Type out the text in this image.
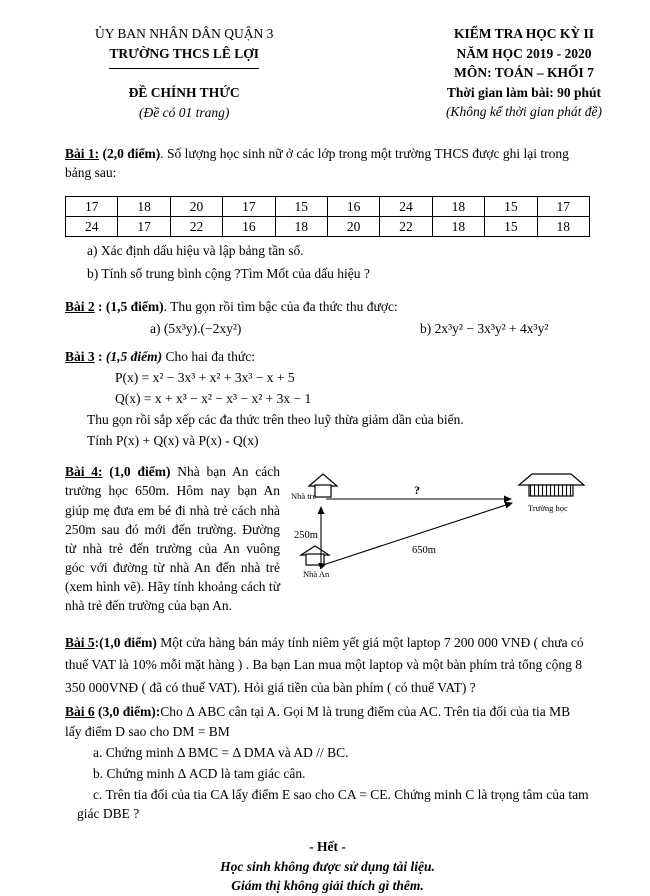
ỦY BAN NHÂN DÂN QUẬN 3
TRƯỜNG THCS LÊ LỢI
ĐỀ CHÍNH THỨC
(Đề có 01 trang)
KIỂM TRA HỌC KỲ II
NĂM HỌC 2019 - 2020
MÔN: TOÁN – KHỐI 7
Thời gian làm bài: 90 phút
(Không kể thời gian phát đề)
Bài 1: (2,0 điểm). Số lượng học sinh nữ ở các lớp trong một trường THCS được ghi lại trong bảng sau:
17	18	20	17	15	16	24	18	15	17
24	17	22	16	18	20	22	18	15	18
a) Xác định dấu hiệu và lập bảng tần số.
b) Tính số trung bình cộng ?Tìm Mốt của dấu hiệu ?
Bài 2 : (1,5 điểm). Thu gọn rồi tìm bậc của đa thức thu được:
a) (5x³y).(−2xy²)	b) 2x³y² − 3x³y² + 4x³y²
Bài 3 : (1,5 điểm) Cho hai đa thức:
P(x) = x² − 3x³ + x² + 3x³ − x + 5
Q(x) = x + x³ − x² − x³ − x² + 3x − 1
Thu gọn rồi sắp xếp các đa thức trên theo luỹ thừa giảm dần của biến.
Tính P(x) + Q(x) và P(x) - Q(x)
Bài 4: (1,0 điểm) Nhà bạn An cách trường học 650m. Hôm nay bạn An giúp mẹ đưa em bé đi nhà trẻ cách nhà 250m sau đó mới đến trường. Đường từ nhà trẻ đến trường của An vuông góc với đường từ nhà An đến nhà trẻ (xem hình vẽ). Hãy tính khoảng cách từ nhà trẻ đến trường của bạn An.
Nhà trẻ	?
Trường học
250m
650m
Nhà An
Bài 5:(1,0 điểm) Một cửa hàng bán máy tính niêm yết giá một laptop 7 200 000 VNĐ ( chưa có thuế VAT là 10% mỗi mặt hàng ) . Ba bạn Lan mua một laptop và một bàn phím trả tổng cộng 8 350 000VNĐ ( đã có thuế VAT). Hỏi giá tiền của bàn phím ( có thuế VAT) ?
Bài 6 (3,0 điểm):Cho Δ ABC cân tại A. Gọi M là trung điểm của AC. Trên tia đối của tia MB lấy điểm D sao cho DM = BM
a. Chứng minh Δ BMC = Δ DMA và AD // BC.
b. Chứng minh Δ ACD là tam giác cân.
c. Trên tia đối của tia CA lấy điểm E sao cho CA = CE. Chứng minh C là trọng tâm của tam giác DBE ?
- Hết -
Học sinh không được sử dụng tài liệu.
Giám thị không giải thích gì thêm.
